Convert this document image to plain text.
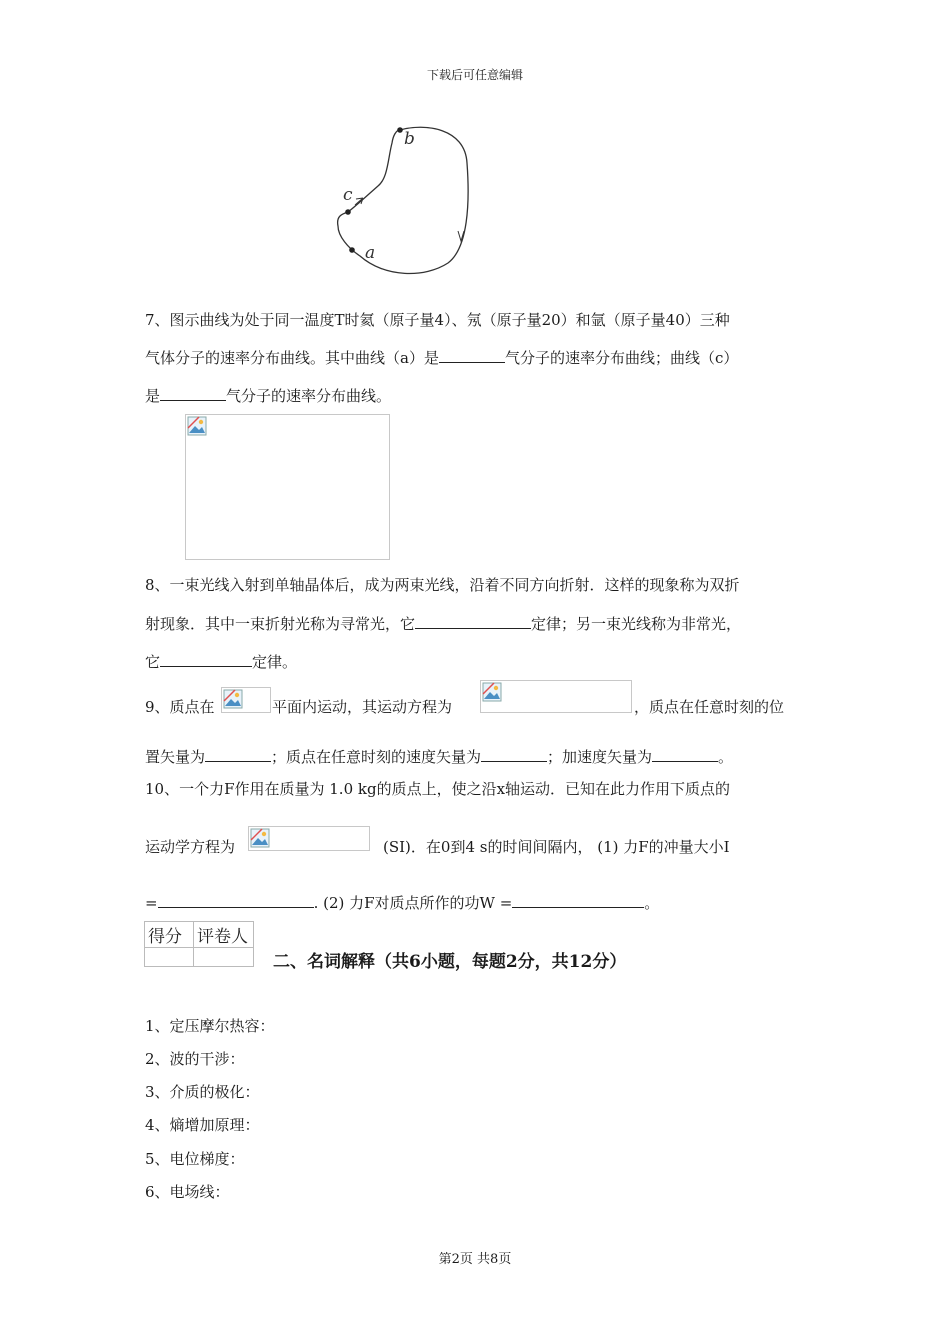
下载后可任意编辑
b
c
a
7、图示曲线为处于同一温度T时氦（原子量4）、氖（原子量20）和氩（原子量40）三种
气体分子的速率分布曲线。其中曲线（a）是	气分子的速率分布曲线；曲线（c）
是	气分子的速率分布曲线。
8、一束光线入射到单轴晶体后，成为两束光线，沿着不同方向折射．这样的现象称为双折
射现象．其中一束折射光称为寻常光，它	定律；另一束光线称为非常光，
它	定律。
9、质点在	平面内运动，其运动方程为	，质点在任意时刻的位
置矢量为	；质点在任意时刻的速度矢量为	；加速度矢量为	。
10、一个力F作用在质量为 1.0 kg的质点上，使之沿x轴运动．已知在此力作用下质点的
运动学方程为	(SI)．在0到4 s的时间间隔内， (1) 力F的冲量大小I
=	. (2) 力F对质点所作的功W =	。
得分	评卷人

二、名词解释（共6小题，每题2分，共12分）
1、定压摩尔热容：
2、波的干涉：
3、介质的极化：
4、熵增加原理：
5、电位梯度：
6、电场线：
第2页 共8页
